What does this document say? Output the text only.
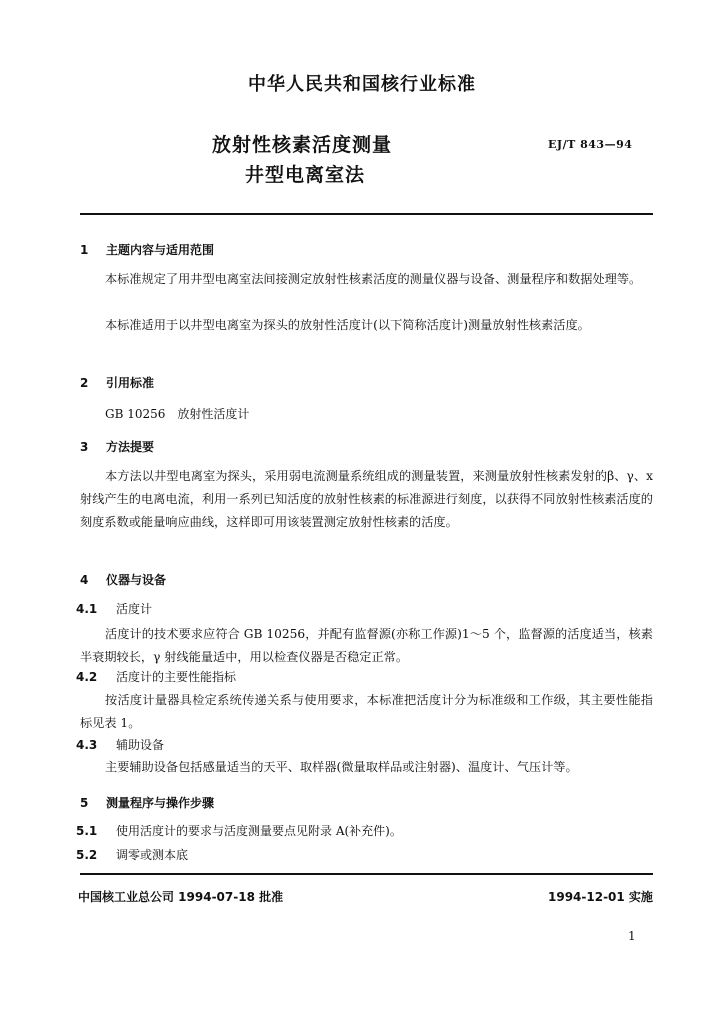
中华人民共和国核行业标准
放射性核素活度测量
井型电离室法
EJ/T 843—94
1 主题内容与适用范围

本标准规定了用井型电离室法间接测定放射性核素活度的测量仪器与设备、测量程序和数据处理等。

本标准适用于以井型电离室为探头的放射性活度计(以下简称活度计)测量放射性核素活度。

2 引用标准
GB 10256　放射性活度计
3 方法提要

本方法以井型电离室为探头，采用弱电流测量系统组成的测量装置，来测量放射性核素发射的β、γ、x 射线产生的电离电流，利用一系列已知活度的放射性核素的标准源进行刻度，以获得不同放射性核素活度的刻度系数或能量响应曲线，这样即可用该装置测定放射性核素的活度。

4 仪器与设备
4.1 活度计

活度计的技术要求应符合 GB 10256，并配有监督源(亦称工作源)1～5 个，监督源的活度适当，核素半衰期较长，γ 射线能量适中，用以检查仪器是否稳定正常。

4.2 活度计的主要性能指标

按活度计量器具检定系统传递关系与使用要求，本标准把活度计分为标准级和工作级，其主要性能指标见表 1。

4.3 辅助设备

主要辅助设备包括感量适当的天平、取样器(微量取样品或注射器)、温度计、气压计等。

5 测量程序与操作步骤
5.1 使用活度计的要求与活度测量要点见附录 A(补充件)。
5.2 调零或测本底
中国核工业总公司 1994-07-18 批准	1994-12-01 实施
1
